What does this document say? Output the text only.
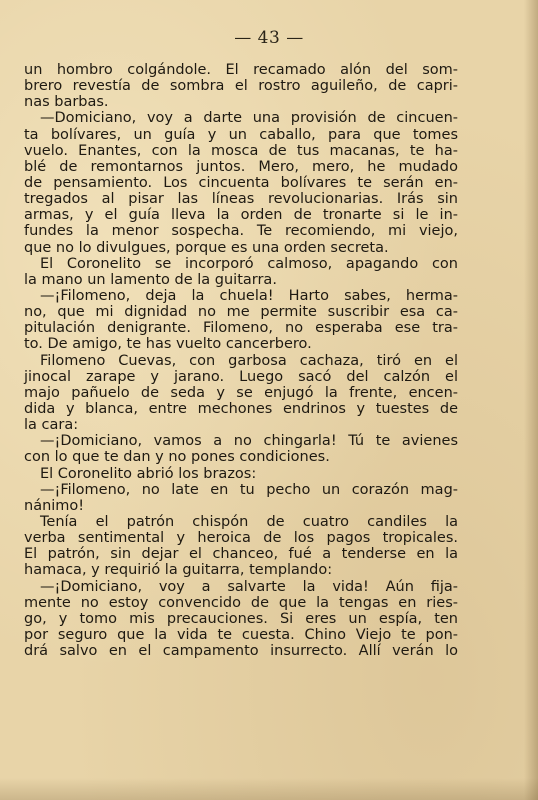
— 43 —
un hombro colgándole. El recamado alón del som-
brero revestía de sombra el rostro aguileño, de capri-
nas barbas.
—Domiciano, voy a darte una provisión de cincuen-
ta bolívares, un guía y un caballo, para que tomes
vuelo. Enantes, con la mosca de tus macanas, te ha-
blé de remontarnos juntos. Mero, mero, he mudado
de pensamiento. Los cincuenta bolívares te serán en-
tregados al pisar las líneas revolucionarias. Irás sin
armas, y el guía lleva la orden de tronarte si le in-
fundes la menor sospecha. Te recomiendo, mi viejo,
que no lo divulgues, porque es una orden secreta.
El Coronelito se incorporó calmoso, apagando con
la mano un lamento de la guitarra.
—¡Filomeno, deja la chuela! Harto sabes, herma-
no, que mi dignidad no me permite suscribir esa ca-
pitulación denigrante. Filomeno, no esperaba ese tra-
to. De amigo, te has vuelto cancerbero.
Filomeno Cuevas, con garbosa cachaza, tiró en el
jinocal zarape y jarano. Luego sacó del calzón el
majo pañuelo de seda y se enjugó la frente, encen-
dida y blanca, entre mechones endrinos y tuestes de
la cara:
—¡Domiciano, vamos a no chingarla! Tú te avienes
con lo que te dan y no pones condiciones.
El Coronelito abrió los brazos:
—¡Filomeno, no late en tu pecho un corazón mag-
nánimo!
Tenía el patrón chispón de cuatro candiles la
verba sentimental y heroica de los pagos tropicales.
El patrón, sin dejar el chanceo, fué a tenderse en la
hamaca, y requirió la guitarra, templando:
—¡Domiciano, voy a salvarte la vida! Aún fija-
mente no estoy convencido de que la tengas en ries-
go, y tomo mis precauciones. Si eres un espía, ten
por seguro que la vida te cuesta. Chino Viejo te pon-
drá salvo en el campamento insurrecto. Allí verán lo
